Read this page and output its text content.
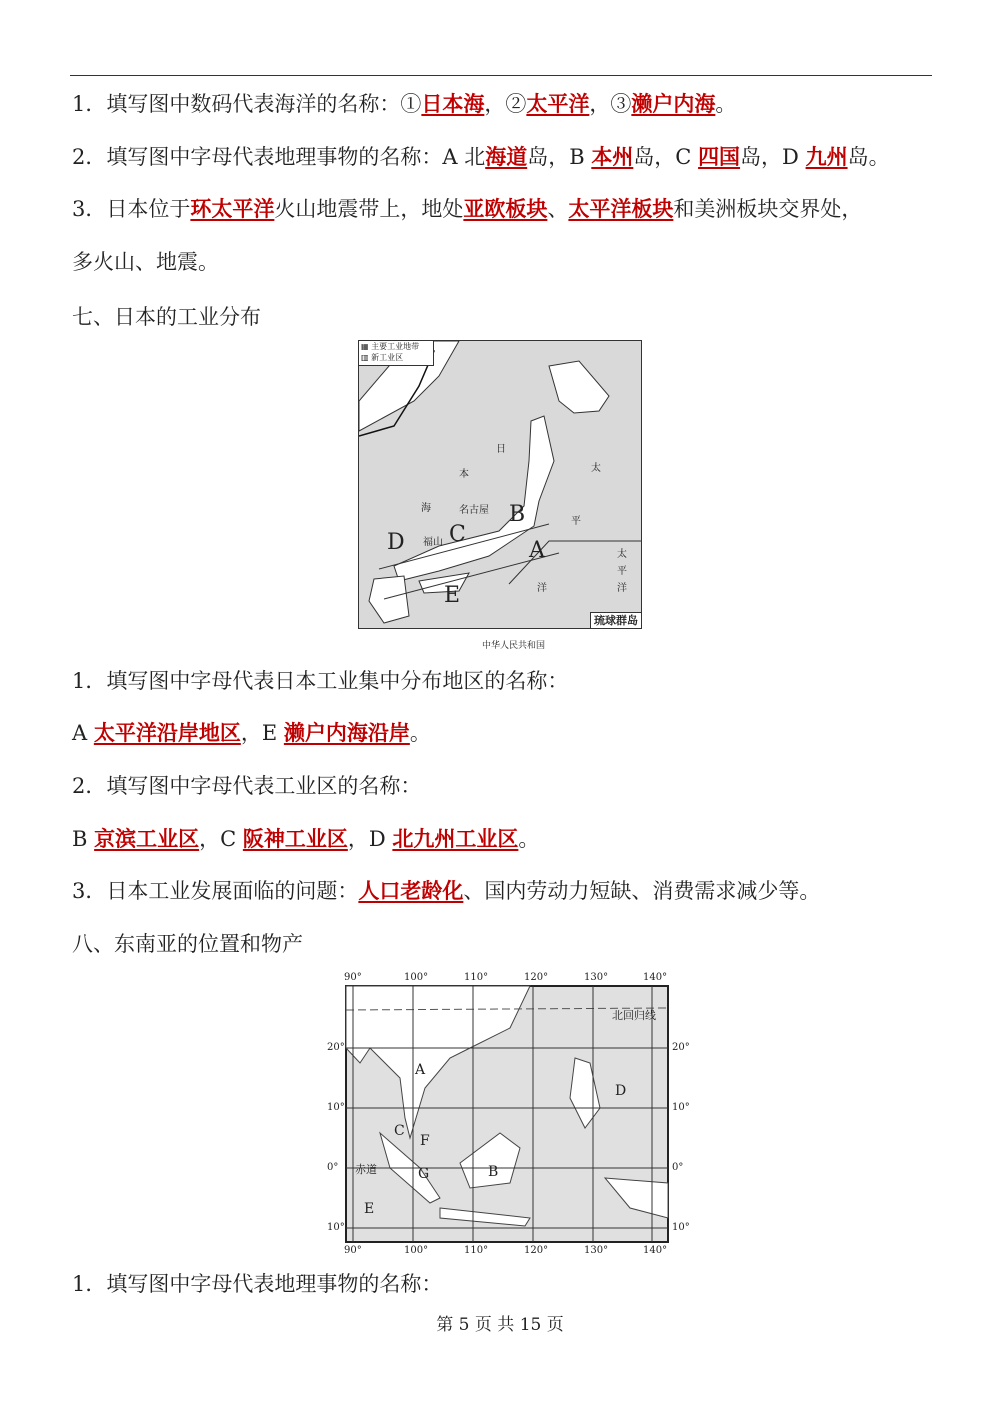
1．填写图中数码代表海洋的名称：①日本海，②太平洋，③濑户内海。
2．填写图中字母代表地理事物的名称：A 北海道岛，B 本州岛，C 四国岛，D 九州岛。
3．日本位于环太平洋火山地震带上，地处亚欧板块、太平洋板块和美洲板块交界处，
多火山、地震。
七、日本的工业分布
1．填写图中字母代表日本工业集中分布地区的名称：
A 太平洋沿岸地区，E 濑户内海沿岸。
2．填写图中字母代表工业区的名称：
B 京滨工业区，C 阪神工业区，D 北九州工业区。
3．日本工业发展面临的问题：人口老龄化、国内劳动力短缺、消费需求减少等。
八、东南亚的位置和物产
1．填写图中字母代表地理事物的名称：
▦ 主要工业地带
▥ 新工业区
日
本
海
太
平
洋
太
平
洋
名古屋
福山	A
B
C
D
E
琉球群岛
中华人民共和国
90°
90°
100°
100°
110°
110°
120°
120°
130°
130°
140°
140°
20°	20°
10°	10°
0°	0°
10°	10°
北回归线
赤道
A
B
C
D
E
F
G
第 5 页 共 15 页
